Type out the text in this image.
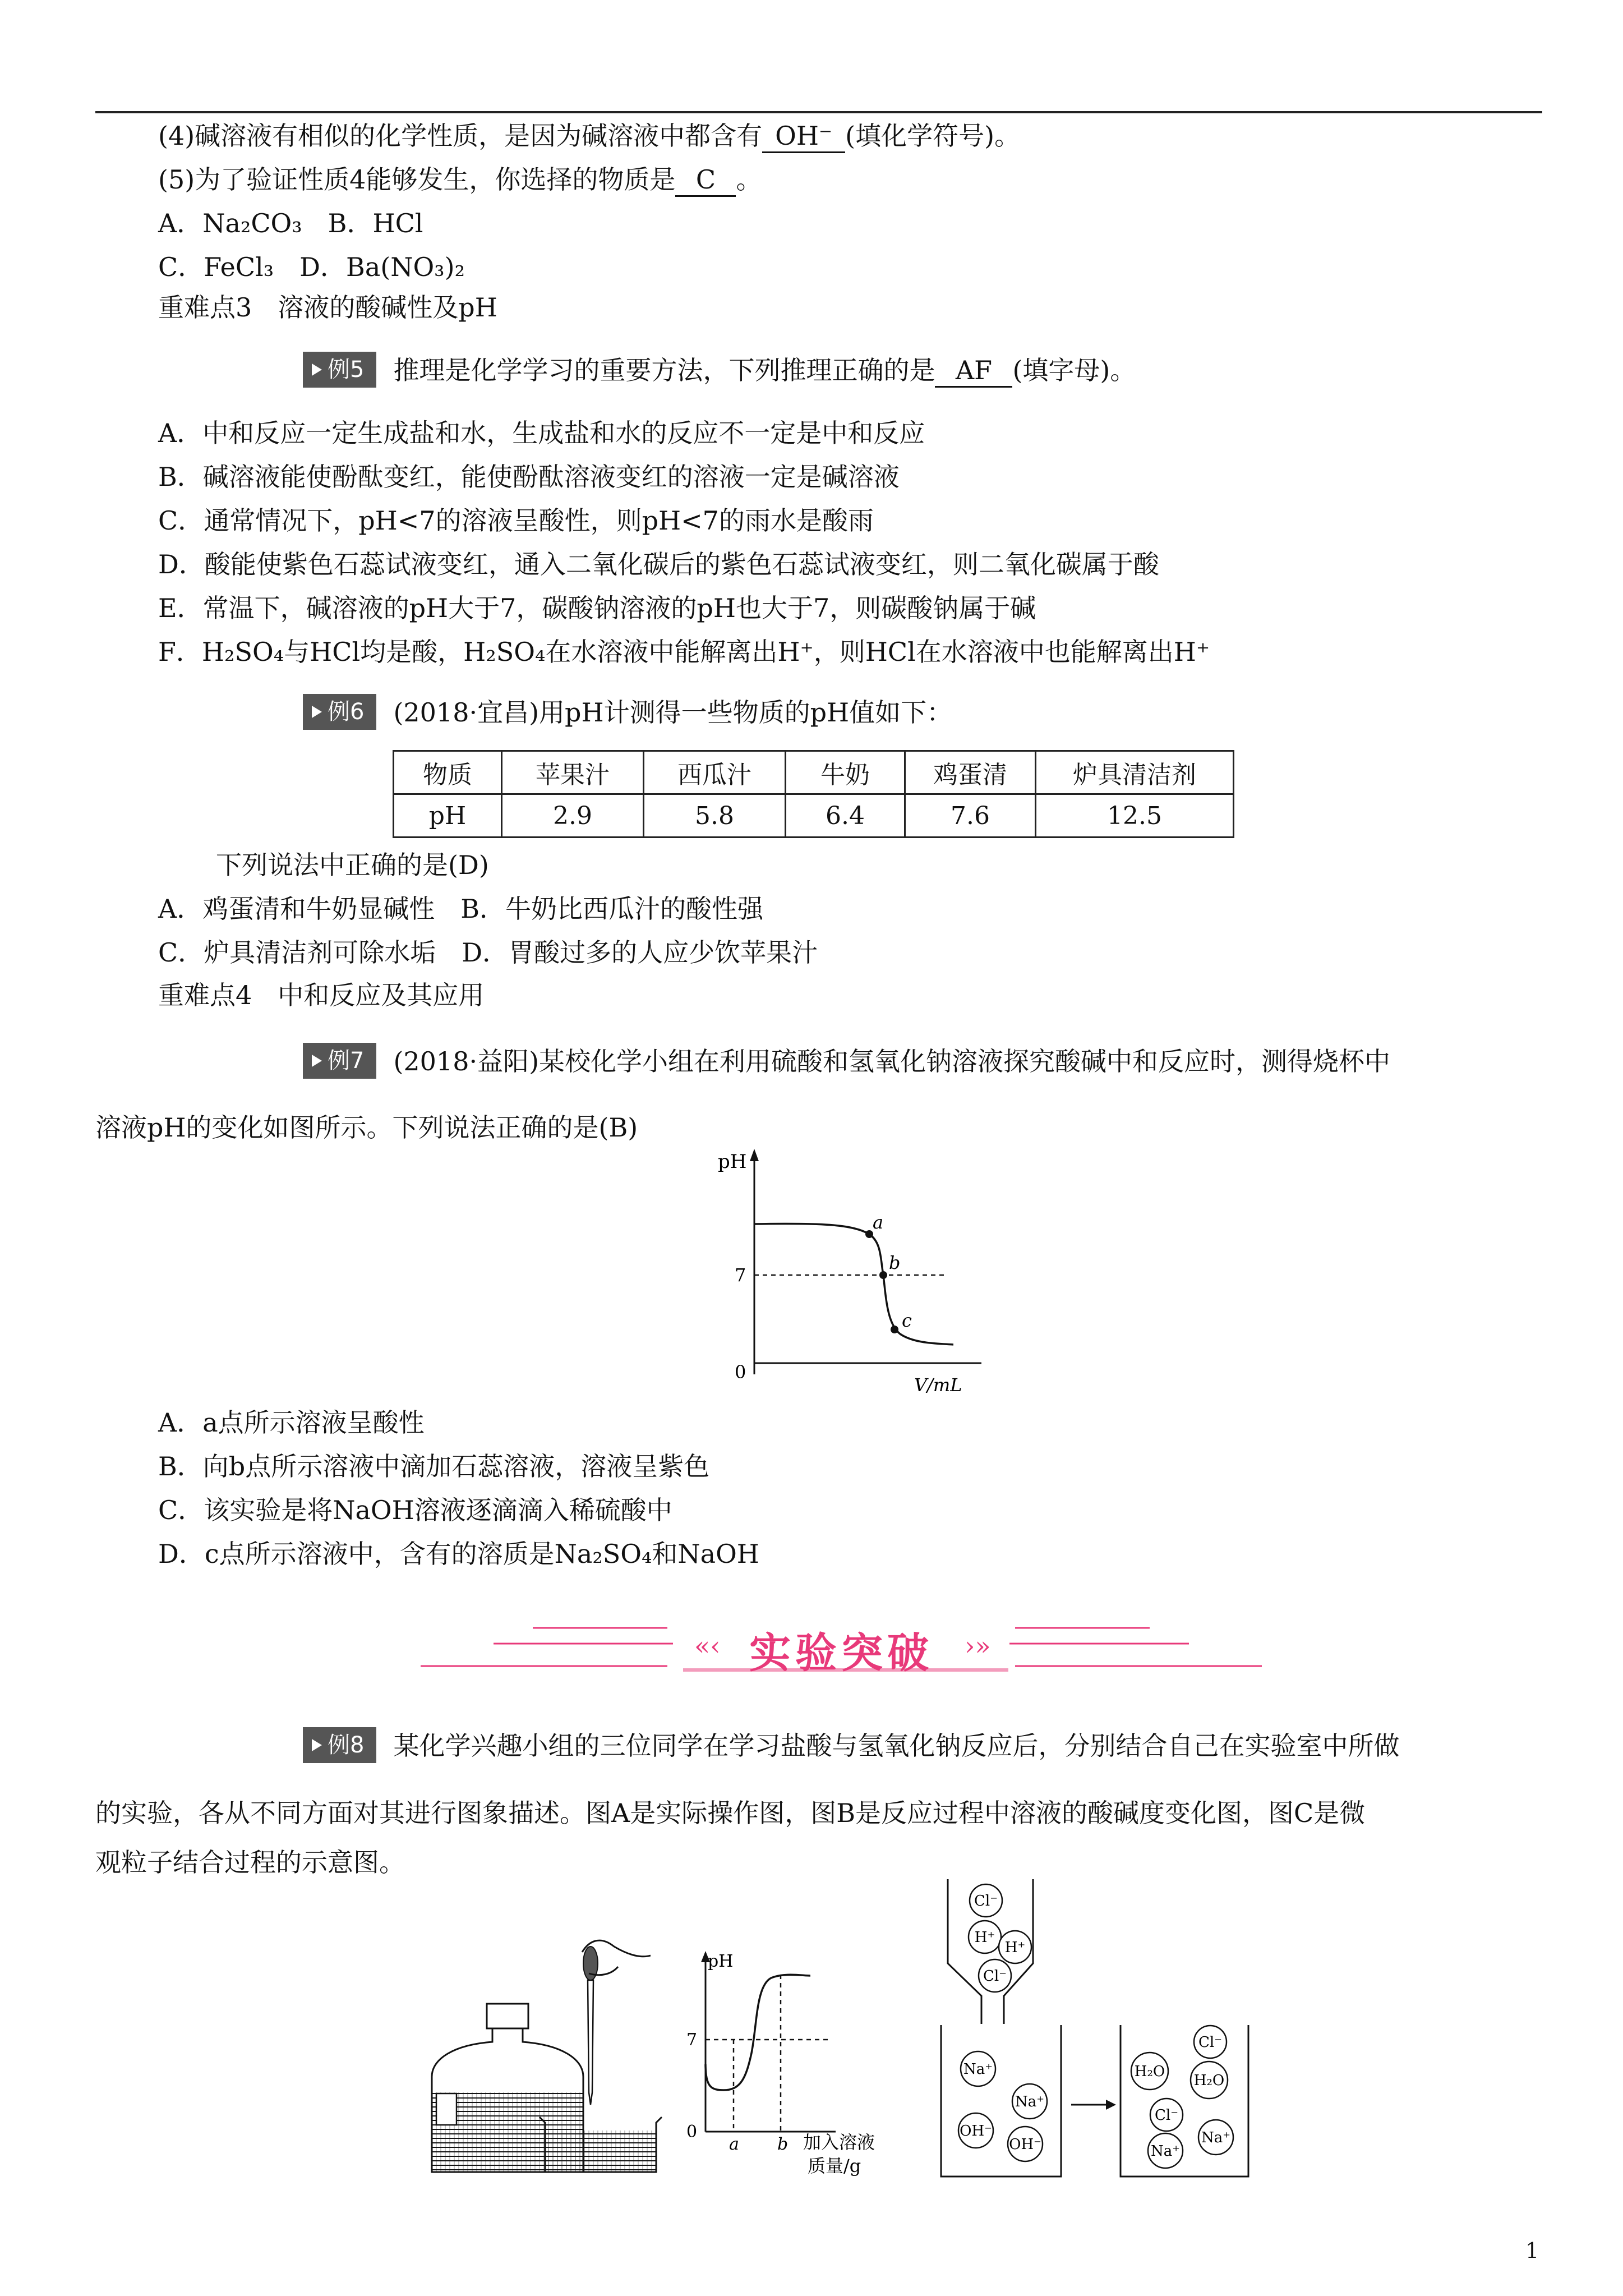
(4)碱溶液有相似的化学性质，是因为碱溶液中都含有 OH⁻ (填化学符号)。
(5)为了验证性质4能够发生，你选择的物质是 C 。
A．Na₂CO₃　B．HCl
C．FeCl₃　D．Ba(NO₃)₂
重难点3　溶液的酸碱性及pH
例5 推理是化学学习的重要方法，下列推理正确的是 AF (填字母)。
A．中和反应一定生成盐和水，生成盐和水的反应不一定是中和反应
B．碱溶液能使酚酞变红，能使酚酞溶液变红的溶液一定是碱溶液
C．通常情况下，pH<7的溶液呈酸性，则pH<7的雨水是酸雨
D．酸能使紫色石蕊试液变红，通入二氧化碳后的紫色石蕊试液变红，则二氧化碳属于酸
E．常温下，碱溶液的pH大于7，碳酸钠溶液的pH也大于7，则碳酸钠属于碱
F．H₂SO₄与HCl均是酸，H₂SO₄在水溶液中能解离出H⁺，则HCl在水溶液中也能解离出H⁺
例6 (2018·宜昌)用pH计测得一些物质的pH值如下：
物质	苹果汁	西瓜汁	牛奶	鸡蛋清	炉具清洁剂
pH	2.9	5.8	6.4	7.6	12.5
下列说法中正确的是(D)
A．鸡蛋清和牛奶显碱性　B．牛奶比西瓜汁的酸性强
C．炉具清洁剂可除水垢　D．胃酸过多的人应少饮苹果汁
重难点4　中和反应及其应用
例7 (2018·益阳)某校化学小组在利用硫酸和氢氧化钠溶液探究酸碱中和反应时，测得烧杯中
溶液pH的变化如图所示。下列说法正确的是(B)
pH
0
7
a
b
c
V/mL
A．a点所示溶液呈酸性
B．向b点所示溶液中滴加石蕊溶液，溶液呈紫色
C．该实验是将NaOH溶液逐滴滴入稀硫酸中
D．c点所示溶液中，含有的溶质是Na₂SO₄和NaOH
«‹	›»
实验突破
例8 某化学兴趣小组的三位同学在学习盐酸与氢氧化钠反应后，分别结合自己在实验室中所做
的实验，各从不同方面对其进行图象描述。图A是实际操作图，图B是反应过程中溶液的酸碱度变化图，图C是微
观粒子结合过程的示意图。
pH
7
0
a b 加入溶液
质量/g
Cl⁻
H⁺
H⁺
Cl⁻
Na⁺
Na⁺
OH⁻
OH⁻
Cl⁻
H₂O
H₂O
Cl⁻
Na⁺
Na⁺
1
